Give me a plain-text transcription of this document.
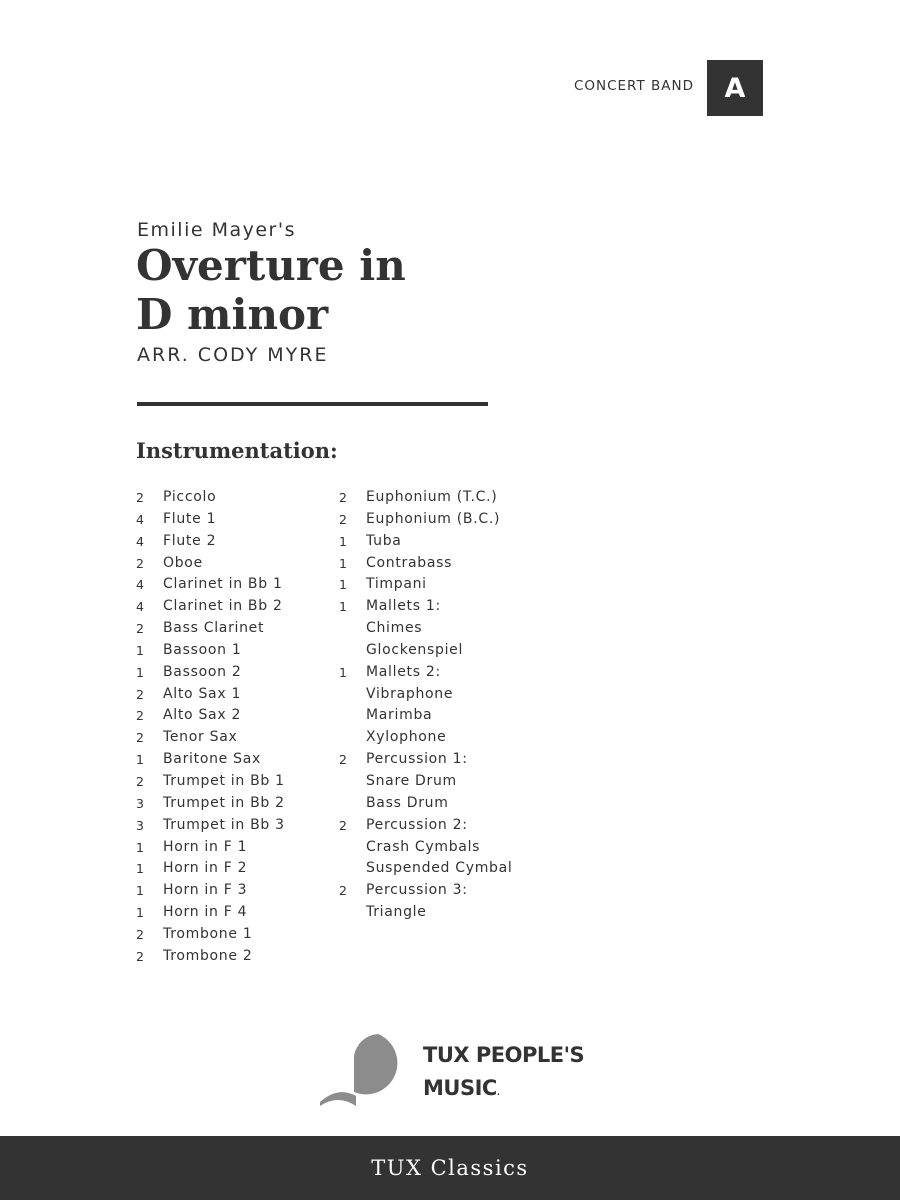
CONCERT BAND	A
Emilie Mayer's
Overture in
D minor
ARR. CODY MYRE
Instrumentation:
2	Piccolo
4	Flute 1
4	Flute 2
2	Oboe
4	Clarinet in Bb 1
4	Clarinet in Bb 2
2	Bass Clarinet
1	Bassoon 1
1	Bassoon 2
2	Alto Sax 1
2	Alto Sax 2
2	Tenor Sax
1	Baritone Sax
2	Trumpet in Bb 1
3	Trumpet in Bb 2
3	Trumpet in Bb 3
1	Horn in F 1
1	Horn in F 2
1	Horn in F 3
1	Horn in F 4
2	Trombone 1
2	Trombone 2
2	Euphonium (T.C.)
2	Euphonium (B.C.)
1	Tuba
1	Contrabass
1	Timpani
1	Mallets 1:
Chimes
Glockenspiel
1	Mallets 2:
Vibraphone
Marimba
Xylophone
2	Percussion 1:
Snare Drum
Bass Drum
2	Percussion 2:
Crash Cymbals
Suspended Cymbal
2	Percussion 3:
Triangle
TUX PEOPLE'S
MUSIC.
TUX Classics
